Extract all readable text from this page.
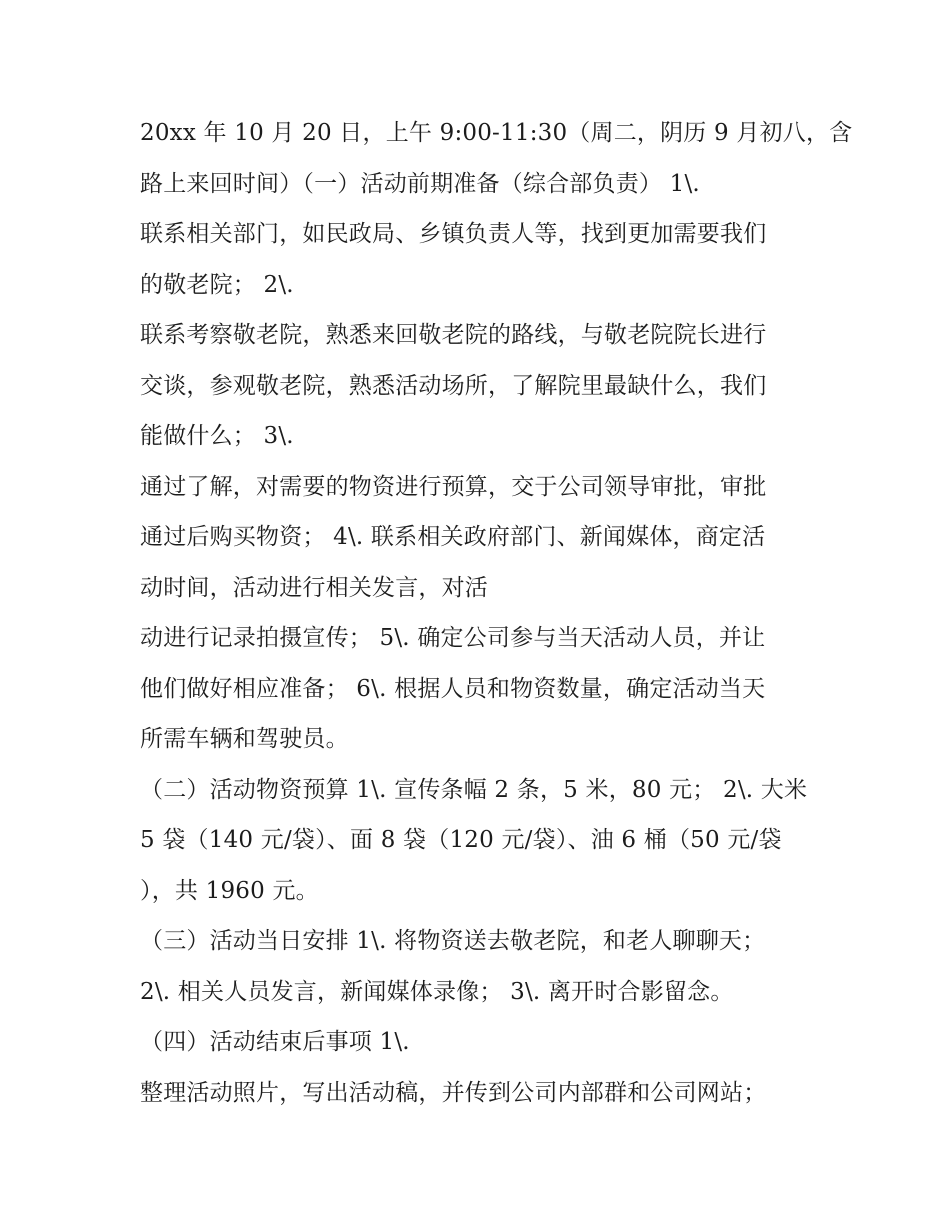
20xx 年 10 月 20 日，上午 9:00-11:30（周二，阴历 9 月初八，含
路上来回时间）（一）活动前期准备（综合部负责） 1\.
联系相关部门，如民政局、乡镇负责人等，找到更加需要我们
的敬老院； 2\.
联系考察敬老院，熟悉来回敬老院的路线，与敬老院院长进行
交谈，参观敬老院，熟悉活动场所，了解院里最缺什么，我们
能做什么； 3\.
通过了解，对需要的物资进行预算，交于公司领导审批，审批
通过后购买物资； 4\. 联系相关政府部门、新闻媒体，商定活
动时间，活动进行相关发言，对活
动进行记录拍摄宣传； 5\. 确定公司参与当天活动人员，并让
他们做好相应准备； 6\. 根据人员和物资数量，确定活动当天
所需车辆和驾驶员。
（二）活动物资预算 1\. 宣传条幅 2 条，5 米，80 元； 2\. 大米
5 袋（140 元/袋）、面 8 袋（120 元/袋）、油 6 桶（50 元/袋
），共 1960 元。
（三）活动当日安排 1\. 将物资送去敬老院，和老人聊聊天；
2\. 相关人员发言，新闻媒体录像； 3\. 离开时合影留念。
（四）活动结束后事项 1\.
整理活动照片，写出活动稿，并传到公司内部群和公司网站；
